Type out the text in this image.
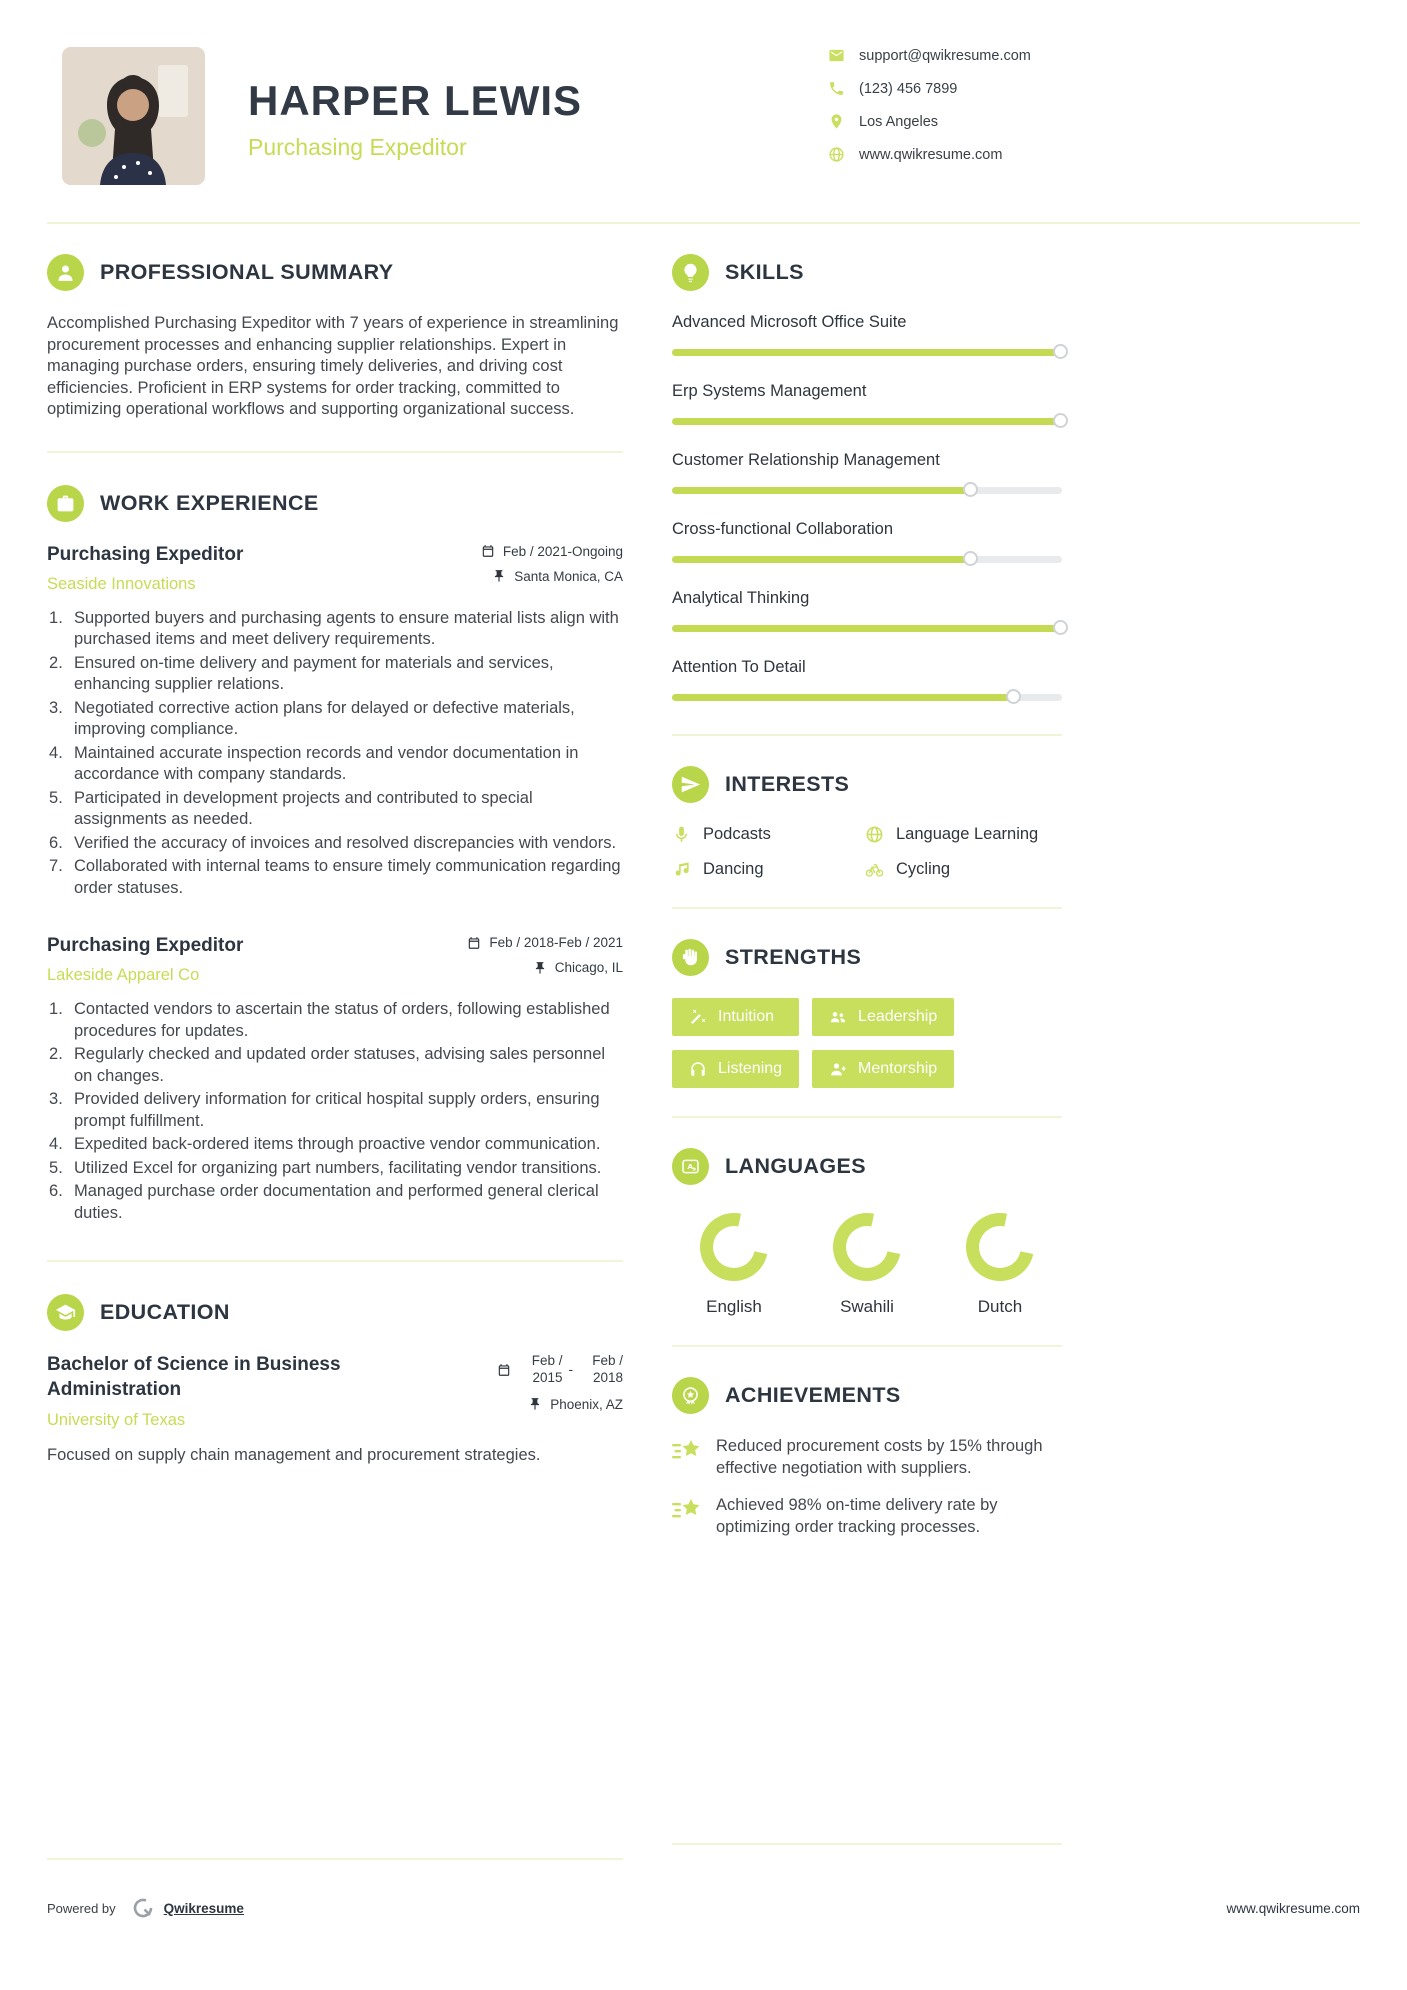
HARPER LEWIS
Purchasing Expeditor
support@qwikresume.com
(123) 456 7899
Los Angeles
www.qwikresume.com
PROFESSIONAL SUMMARY

Accomplished Purchasing Expeditor with 7 years of experience in streamlining procurement processes and enhancing supplier relationships. Expert in managing purchase orders, ensuring timely deliveries, and driving cost efficiencies. Proficient in ERP systems for order tracking, committed to optimizing operational workflows and supporting organizational success.

WORK EXPERIENCE
Purchasing Expeditor
Seaside Innovations
Feb / 2021-Ongoing
Santa Monica, CA
Supported buyers and purchasing agents to ensure material lists align with purchased items and meet delivery requirements.
Ensured on-time delivery and payment for materials and services, enhancing supplier relations.
Negotiated corrective action plans for delayed or defective materials, improving compliance.
Maintained accurate inspection records and vendor documentation in accordance with company standards.
Participated in development projects and contributed to special assignments as needed.
Verified the accuracy of invoices and resolved discrepancies with vendors.
Collaborated with internal teams to ensure timely communication regarding order statuses.
Purchasing Expeditor
Lakeside Apparel Co
Feb / 2018-Feb / 2021
Chicago, IL
Contacted vendors to ascertain the status of orders, following established procedures for updates.
Regularly checked and updated order statuses, advising sales personnel on changes.
Provided delivery information for critical hospital supply orders, ensuring prompt fulfillment.
Expedited back-ordered items through proactive vendor communication.
Utilized Excel for organizing part numbers, facilitating vendor transitions.
Managed purchase order documentation and performed general clerical duties.
EDUCATION
Bachelor of Science in Business Administration
University of Texas
Feb / 2015 -
Feb / 2018
Phoenix, AZ

Focused on supply chain management and procurement strategies.

SKILLS
Advanced Microsoft Office Suite
Erp Systems Management
Customer Relationship Management
Cross-functional Collaboration
Analytical Thinking
Attention To Detail
INTERESTS
Podcasts	Language Learning
Dancing	Cycling
STRENGTHS
Intuition	Leadership
Listening	Mentorship
A LANGUAGES
English	Swahili	Dutch
ACHIEVEMENTS
Reduced procurement costs by 15% through effective negotiation with suppliers.
Achieved 98% on-time delivery rate by optimizing order tracking processes.
Powered by	Qwikresume	www.qwikresume.com
